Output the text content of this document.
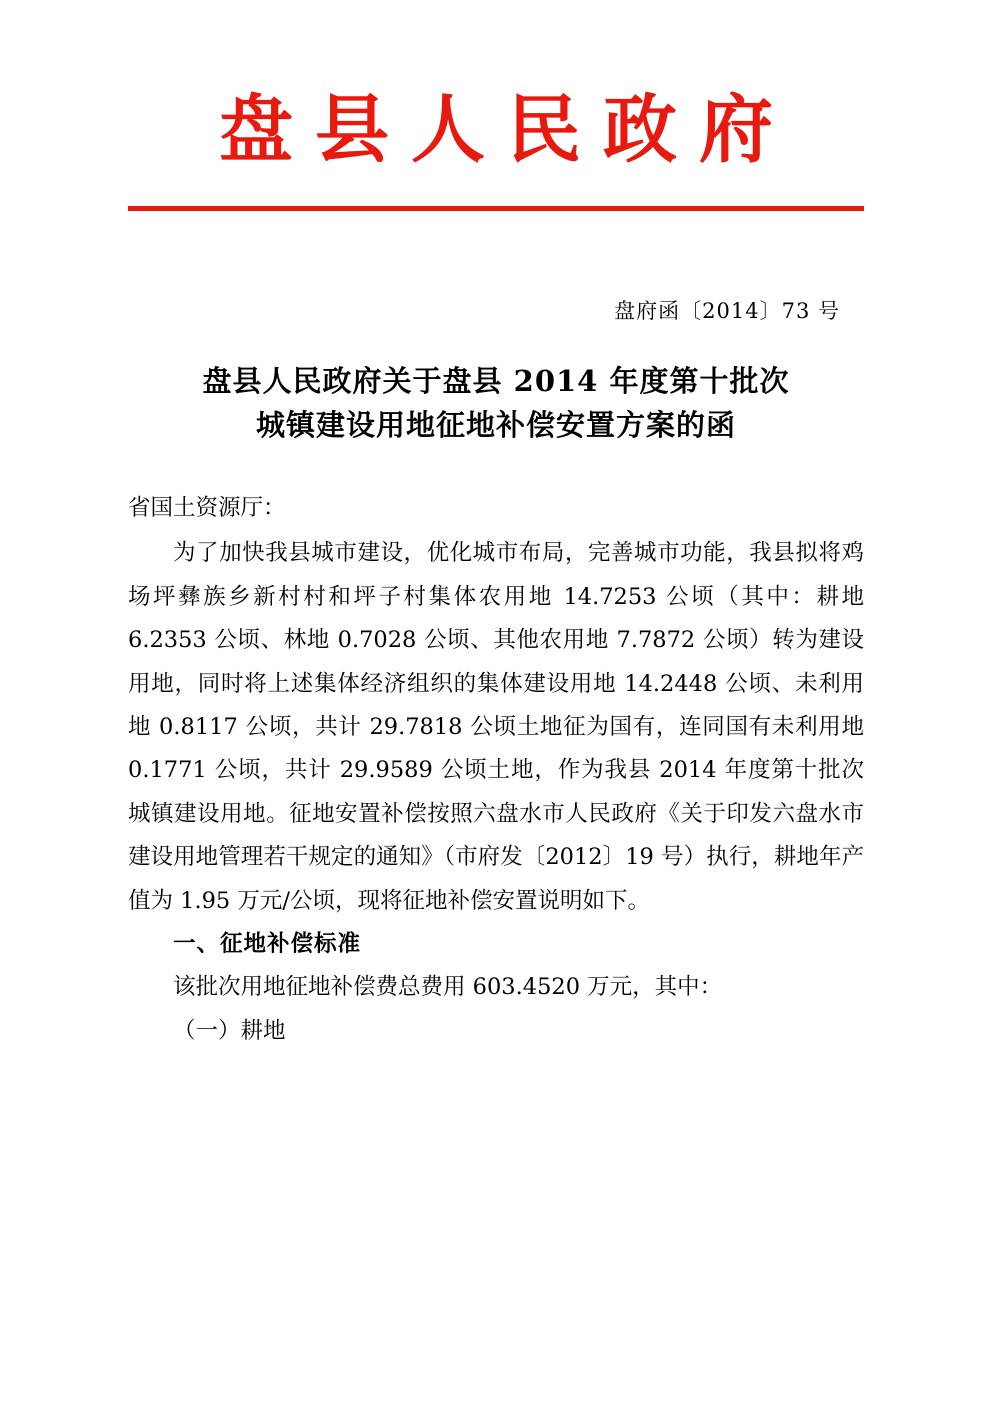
盘县人民政府
盘府函〔2014〕73 号
盘县人民政府关于盘县 2014 年度第十批次
城镇建设用地征地补偿安置方案的函

省国土资源厅：

为了加快我县城市建设，优化城市布局，完善城市功能，我县拟将鸡场坪彝族乡新村村和坪子村集体农用地 14.7253 公顷（其中：耕地 6.2353 公顷、林地 0.7028 公顷、其他农用地 7.7872 公顷）转为建设用地，同时将上述集体经济组织的集体建设用地 14.2448 公顷、未利用地 0.8117 公顷，共计 29.7818 公顷土地征为国有，连同国有未利用地 0.1771 公顷，共计 29.9589 公顷土地，作为我县 2014 年度第十批次城镇建设用地。征地安置补偿按照六盘水市人民政府《关于印发六盘水市建设用地管理若干规定的通知》（市府发〔2012〕19 号）执行，耕地年产值为 1.95 万元/公顷，现将征地补偿安置说明如下。

一、征地补偿标准

该批次用地征地补偿费总费用 603.4520 万元，其中：

（一）耕地
